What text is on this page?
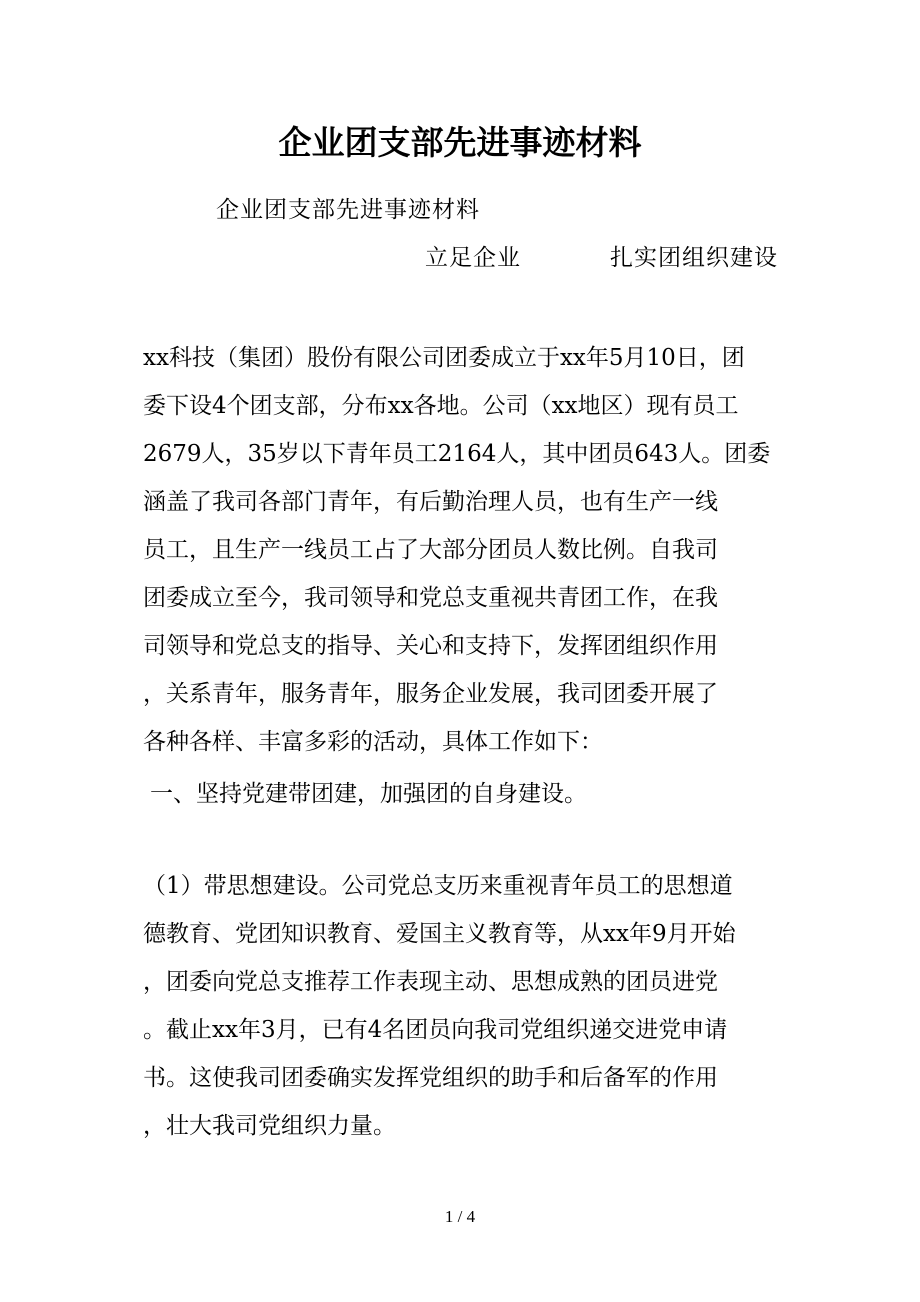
企业团支部先进事迹材料

企业团支部先进事迹材料

立足企业	扎实团组织建设
xx科技（集团）股份有限公司团委成立于xx年5月10日，团
委下设4个团支部，分布xx各地。公司（xx地区）现有员工
2679人，35岁以下青年员工2164人，其中团员643人。团委
涵盖了我司各部门青年，有后勤治理人员，也有生产一线
员工，且生产一线员工占了大部分团员人数比例。自我司
团委成立至今，我司领导和党总支重视共青团工作，在我
司领导和党总支的指导、关心和支持下，发挥团组织作用
，关系青年，服务青年，服务企业发展，我司团委开展了
各种各样、丰富多彩的活动，具体工作如下：

一、坚持党建带团建，加强团的自身建设。

（1）带思想建设。公司党总支历来重视青年员工的思想道
德教育、党团知识教育、爱国主义教育等，从xx年9月开始
，团委向党总支推荐工作表现主动、思想成熟的团员进党
。截止xx年3月，已有4名团员向我司党组织递交进党申请
书。这使我司团委确实发挥党组织的助手和后备军的作用
，壮大我司党组织力量。
1 / 4
